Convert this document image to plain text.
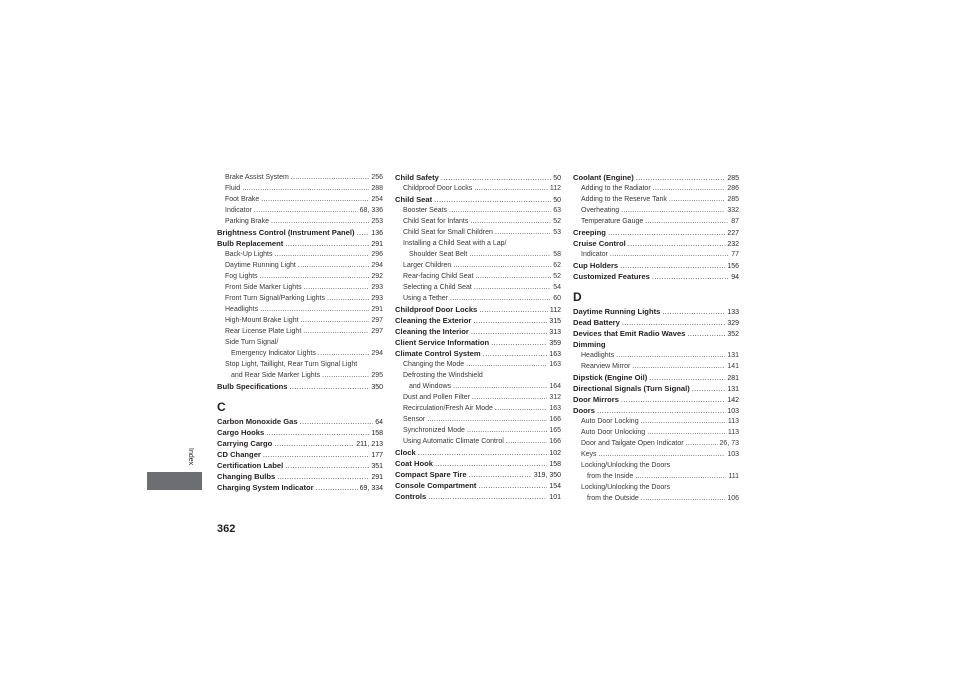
Brake Assist System .....	256
Fluid .....	288
Foot Brake .....	254
Indicator .....	68, 336
Parking Brake .....	253
Brightness Control (Instrument Panel) ..... 136
Bulb Replacement .....	291
Back-Up Lights .....	296
Daytime Running Light .....	294
Fog Lights .....	292
Front Side Marker Lights .....	293
Front Turn Signal/Parking Lights .....	293
Headlights .....	291
High-Mount Brake Light .....	297
Rear License Plate Light .....	297
Side Turn Signal/
Emergency Indicator Lights .....	294
Stop Light, Taillight, Rear Turn Signal Light
and Rear Side Marker Lights .....	295
Bulb Specifications .....	350
C
Carbon Monoxide Gas .....	64
Cargo Hooks .....	158
Carrying Cargo .....	211, 213
CD Changer .....	177
Certification Label .....	351
Changing Bulbs .....	291
Charging System Indicator .....	69, 334
Child Safety .....	50
Childproof Door Locks .....	112
Child Seat .....	50
Booster Seats .....	63
Child Seat for Infants .....	52
Child Seat for Small Children .....	53
Installing a Child Seat with a Lap/
Shoulder Seat Belt .....	58
Larger Children .....	62
Rear-facing Child Seat .....	52
Selecting a Child Seat .....	54
Using a Tether .....	60
Childproof Door Locks .....	112
Cleaning the Exterior .....	315
Cleaning the Interior .....	313
Client Service Information .....	359
Climate Control System .....	163
Changing the Mode .....	163
Defrosting the Windshield
and Windows .....	164
Dust and Pollen Filter .....	312
Recirculation/Fresh Air Mode .....	163
Sensor .....	166
Synchronized Mode .....	165
Using Automatic Climate Control .....	166
Clock .....	102
Coat Hook .....	158
Compact Spare Tire .....	319, 350
Console Compartment .....	154
Controls .....	101
Coolant (Engine) .....	285
Adding to the Radiator .....	286
Adding to the Reserve Tank .....	285
Overheating .....	332
Temperature Gauge .....	87
Creeping .....	227
Cruise Control .....	232
Indicator .....	77
Cup Holders .....	156
Customized Features .....	94
D
Daytime Running Lights .....	133
Dead Battery .....	329
Devices that Emit Radio Waves .....	352
Dimming
Headlights .....	131
Rearview Mirror .....	141
Dipstick (Engine Oil) .....	281
Directional Signals (Turn Signal) .....	131
Door Mirrors .....	142
Doors .....	103
Auto Door Locking .....	113
Auto Door Unlocking .....	113
Door and Tailgate Open Indicator .....	26, 73
Keys .....	103
Locking/Unlocking the Doors
from the Inside .....	111
Locking/Unlocking the Doors
from the Outside .....	106
Index
362
